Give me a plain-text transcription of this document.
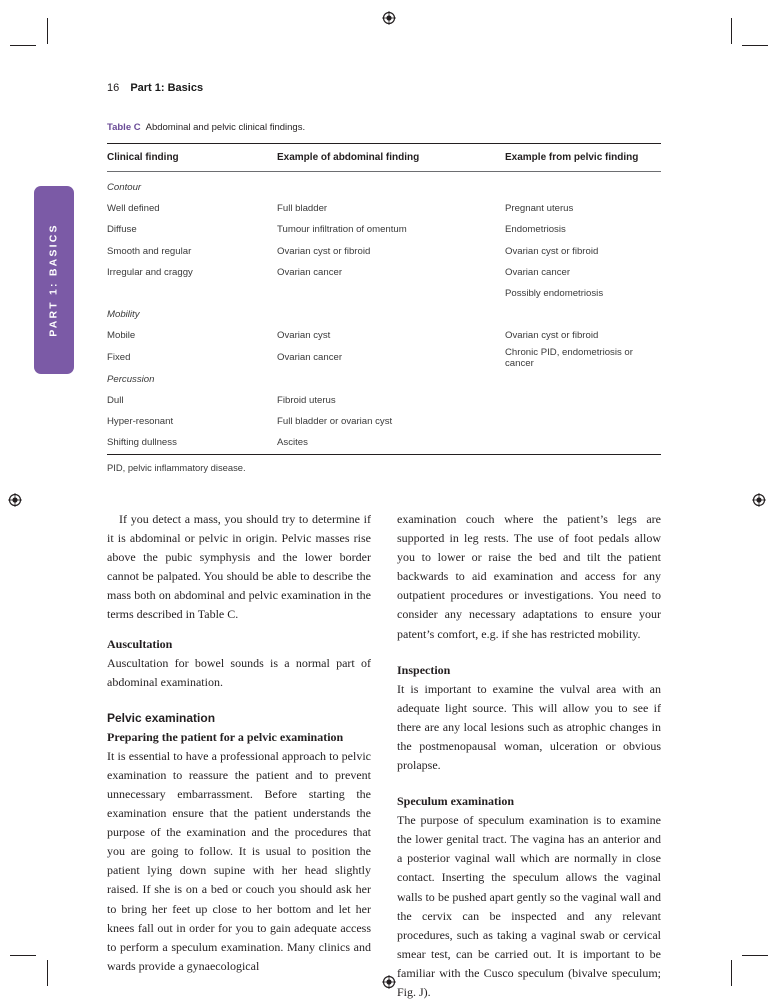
16 Part 1: Basics
PART 1: BASICS
Table C Abdominal and pelvic clinical findings.
Clinical finding	Example of abdominal finding	Example from pelvic finding

Contour		
Well defined	Full bladder	Pregnant uterus
Diffuse	Tumour infiltration of omentum	Endometriosis
Smooth and regular	Ovarian cyst or fibroid	Ovarian cyst or fibroid
Irregular and craggy	Ovarian cancer	Ovarian cancer
		Possibly endometriosis
Mobility		
Mobile	Ovarian cyst	Ovarian cyst or fibroid
Fixed	Ovarian cancer	Chronic PID, endometriosis or cancer
Percussion		
Dull	Fibroid uterus	
Hyper-resonant	Full bladder or ovarian cyst	
Shifting dullness	Ascites	
PID, pelvic inflammatory disease.

If you detect a mass, you should try to determine if it is abdominal or pelvic in origin. Pelvic masses rise above the pubic symphysis and the lower border cannot be palpated. You should be able to describe the mass both on abdominal and pelvic examination in the terms described in Table C.

Auscultation

Auscultation for bowel sounds is a normal part of abdominal examination.

Pelvic examination
Preparing the patient for a pelvic examination

It is essential to have a professional approach to pelvic examination to reassure the patient and to prevent unnecessary embarrassment. Before starting the examination ensure that the patient understands the purpose of the examination and the procedures that you are going to follow. It is usual to position the patient lying down supine with her head slightly raised. If she is on a bed or couch you should ask her to bring her feet up close to her bottom and let her knees fall out in order for you to gain adequate access to perform a speculum examination. Many clinics and wards provide a gynaecological

examination couch where the patient’s legs are supported in leg rests. The use of foot pedals allow you to lower or raise the bed and tilt the patient backwards to aid examination and access for any outpatient procedures or investigations. You need to consider any necessary adaptations to ensure your patent’s comfort, e.g. if she has restricted mobility.

Inspection

It is important to examine the vulval area with an adequate light source. This will allow you to see if there are any local lesions such as atrophic changes in the postmenopausal woman, ulceration or obvious prolapse.

Speculum examination

The purpose of speculum examination is to examine the lower genital tract. The vagina has an anterior and a posterior vaginal wall which are normally in close contact. Inserting the speculum allows the vaginal walls to be pushed apart gently so the vaginal wall and the cervix can be inspected and any relevant procedures, such as taking a vaginal swab or cervical smear test, can be carried out. It is important to be familiar with the Cusco speculum (bivalve speculum; Fig. J).
